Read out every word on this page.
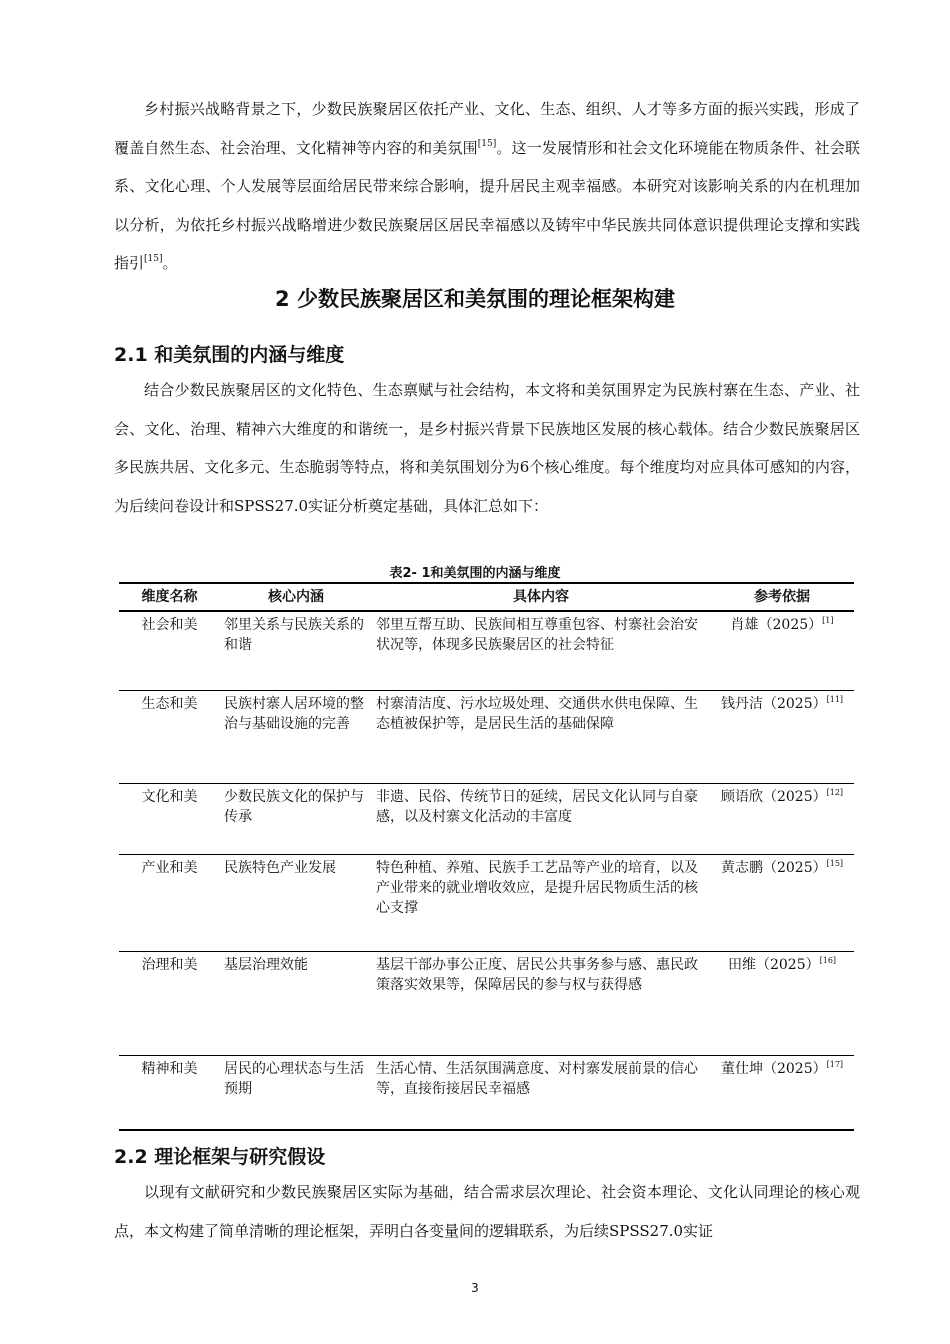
乡村振兴战略背景之下，少数民族聚居区依托产业、文化、生态、组织、人才等多方面的振兴实践，形成了覆盖自然生态、社会治理、文化精神等内容的和美氛围[15]。这一发展情形和社会文化环境能在物质条件、社会联系、文化心理、个人发展等层面给居民带来综合影响，提升居民主观幸福感。本研究对该影响关系的内在机理加以分析，为依托乡村振兴战略增进少数民族聚居区居民幸福感以及铸牢中华民族共同体意识提供理论支撑和实践指引[15]。

2 少数民族聚居区和美氛围的理论框架构建
2.1 和美氛围的内涵与维度

结合少数民族聚居区的文化特色、生态禀赋与社会结构，本文将和美氛围界定为民族村寨在生态、产业、社会、文化、治理、精神六大维度的和谐统一，是乡村振兴背景下民族地区发展的核心载体。结合少数民族聚居区多民族共居、文化多元、生态脆弱等特点，将和美氛围划分为6个核心维度。每个维度均对应具体可感知的内容，为后续问卷设计和SPSS27.0实证分析奠定基础，具体汇总如下：

表2- 1和美氛围的内涵与维度
维度名称	核心内涵	具体内容	参考依据
社会和美	邻里关系与民族关系的和谐	邻里互帮互助、民族间相互尊重包容、村寨社会治安状况等，体现多民族聚居区的社会特征	肖雄（2025）[1]
生态和美	民族村寨人居环境的整治与基础设施的完善	村寨清洁度、污水垃圾处理、交通供水供电保障、生态植被保护等，是居民生活的基础保障	钱丹洁（2025）[11]
文化和美	少数民族文化的保护与传承	非遗、民俗、传统节日的延续，居民文化认同与自豪感，以及村寨文化活动的丰富度	顾语欣（2025）[12]
产业和美	民族特色产业发展	特色种植、养殖、民族手工艺品等产业的培育，以及产业带来的就业增收效应，是提升居民物质生活的核心支撑	黄志鹏（2025）[15]
治理和美	基层治理效能	基层干部办事公正度、居民公共事务参与感、惠民政策落实效果等，保障居民的参与权与获得感	田维（2025）[16]
精神和美	居民的心理状态与生活预期	生活心情、生活氛围满意度、对村寨发展前景的信心等，直接衔接居民幸福感	董仕坤（2025）[17]
2.2 理论框架与研究假设

以现有文献研究和少数民族聚居区实际为基础，结合需求层次理论、社会资本理论、文化认同理论的核心观点，本文构建了简单清晰的理论框架，弄明白各变量间的逻辑联系，为后续SPSS27.0实证

3
